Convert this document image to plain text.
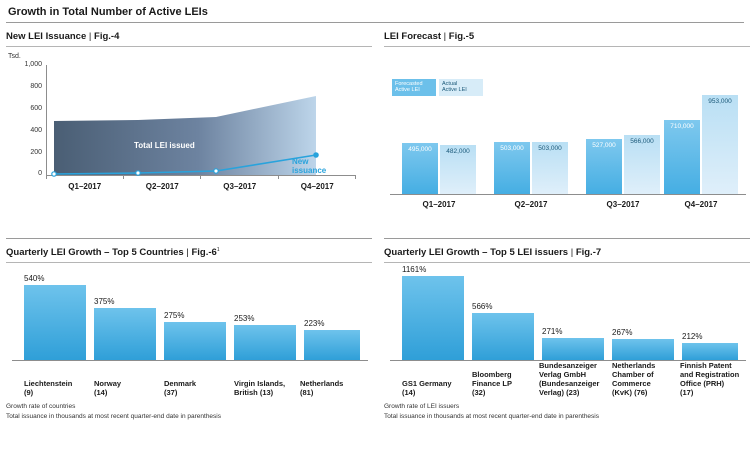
Growth in Total Number of Active LEIs
New LEI Issuance | Fig.-4
Tsd.
1,000
800
600
400
200
0
Total LEI issued
New
issuance
Q1–2017	Q2–2017	Q3–2017	Q4–2017
LEI Forecast | Fig.-5
Forecasted
Active LEI
Actual
Active LEI
495,000	482,000
Q1–2017
503,000	503,000
Q2–2017
527,000
566,000
Q3–2017
710,000
953,000
Q4–2017
Quarterly LEI Growth – Top 5 Countries | $Fig.-6^1$
540%
Liechtenstein
(9)
375%
Norway
(14)
275%
Denmark
(37)
253%
Virgin Islands,
British (13)
223%
Netherlands
(81)
Growth rate of countries
Total issuance in thousands at most recent quarter-end date in parenthesis
Quarterly LEI Growth – Top 5 LEI issuers | Fig.-7
1161%
GS1 Germany
(14)
566%
Bloomberg
Finance LP
(32)
271%
Bundesanzeiger
Verlag GmbH
(Bundesanzeiger
Verlag) (23)
267%
Netherlands
Chamber of
Commerce
(KvK) (76)
212%
Finnish Patent
and Registration
Office (PRH)
(17)
Growth rate of LEI issuers
Total issuance in thousands at most recent quarter-end date in parenthesis
